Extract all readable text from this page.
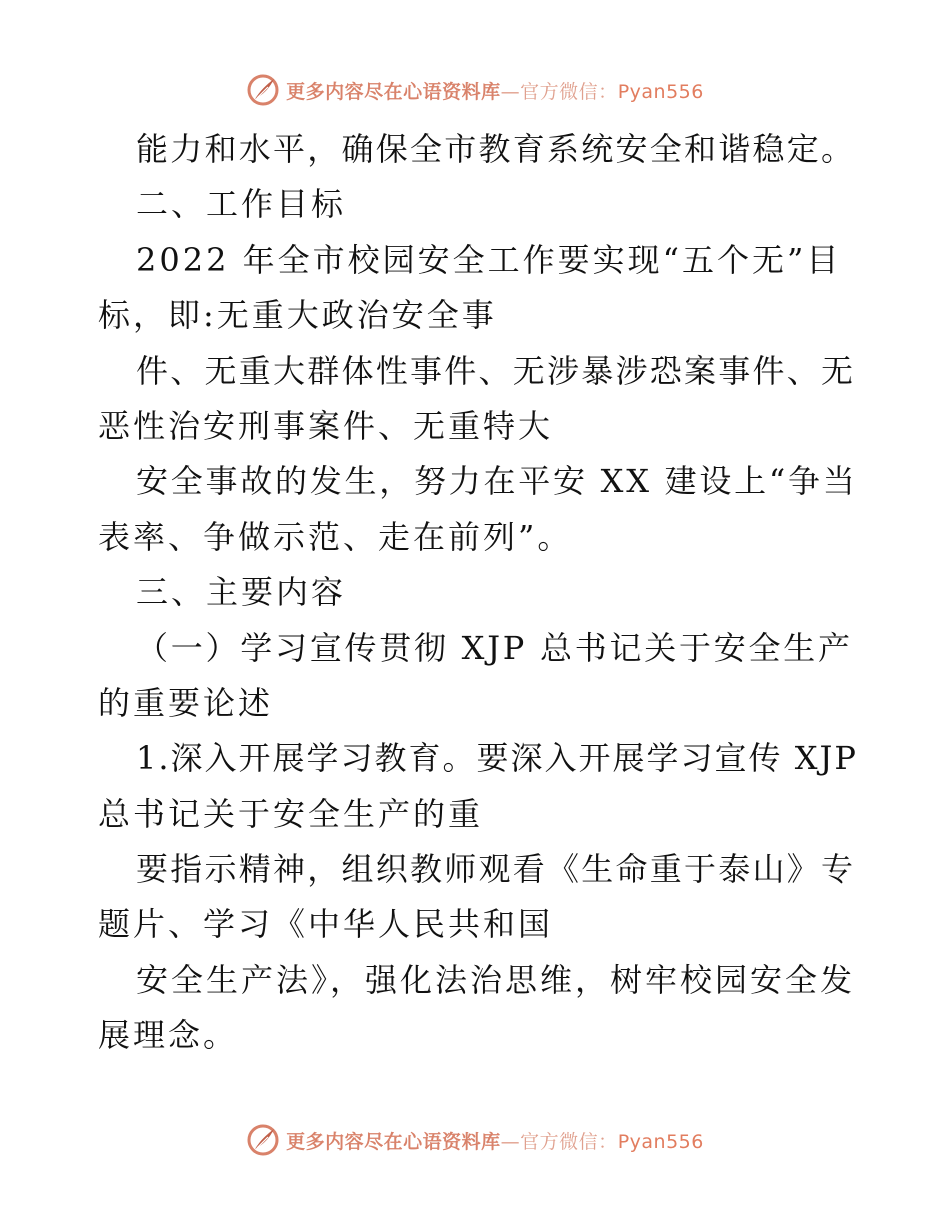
更多内容尽在心语资料库—官方微信：Pyan556
能力和水平，确保全市教育系统安全和谐稳定。
二、工作目标
2022 年全市校园安全工作要实现“五个无”目
标，即:无重大政治安全事
件、无重大群体性事件、无涉暴涉恐案事件、无
恶性治安刑事案件、无重特大
安全事故的发生，努力在平安 XX 建设上“争当
表率、争做示范、走在前列”。
三、主要内容
（一）学习宣传贯彻 XJP 总书记关于安全生产
的重要论述
1.深入开展学习教育。要深入开展学习宣传 XJP
总书记关于安全生产的重
要指示精神，组织教师观看《生命重于泰山》专
题片、学习《中华人民共和国
安全生产法》，强化法治思维，树牢校园安全发
展理念。
更多内容尽在心语资料库—官方微信：Pyan556
